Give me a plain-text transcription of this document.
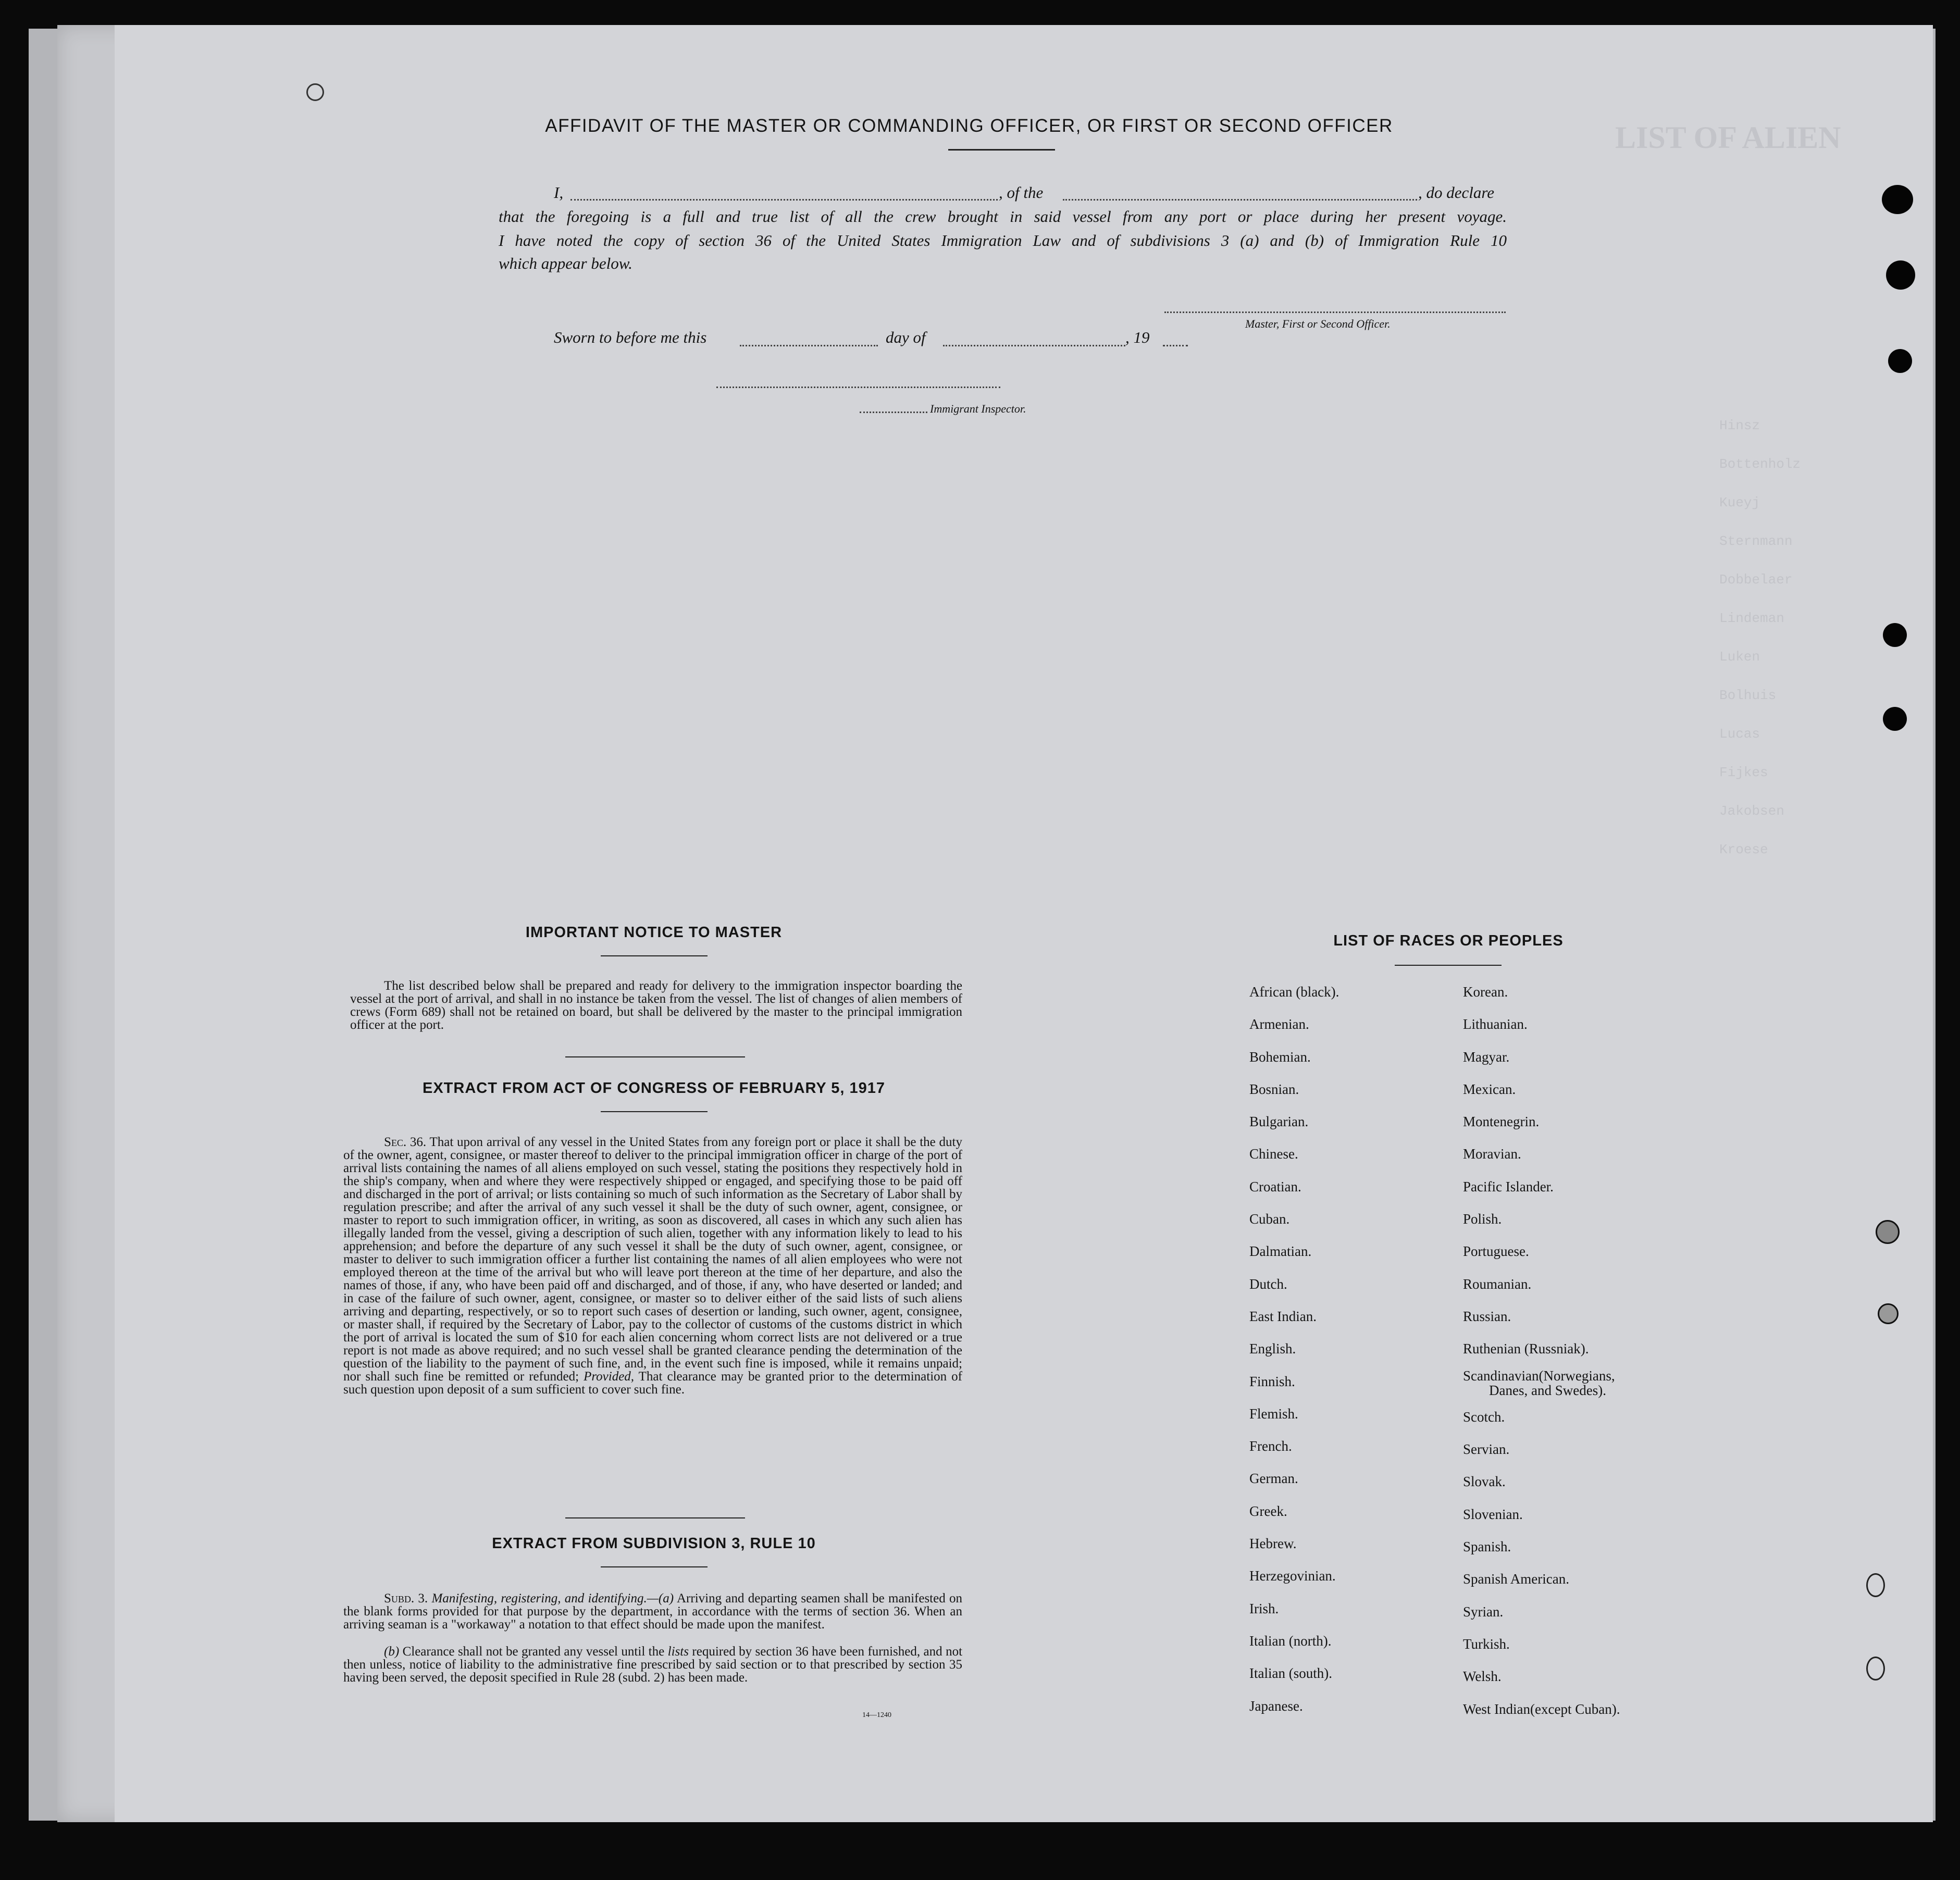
LIST OF ALIEN
Hinsz
Bottenholz
Kueyj
Sternmann
Dobbelaer
Lindeman
Luken
Bolhuis
Lucas
Fijkes
Jakobsen
Kroese
AFFIDAVIT OF THE MASTER OR COMMANDING OFFICER, OR FIRST OR SECOND OFFICER
I,	, of the	, do declare
that the foregoing is a full and true list of all the crew brought in said vessel from any port or place during her present voyage.
I have noted the copy of section 36 of the United States Immigration Law and of subdivisions 3 (a) and (b) of Immigration Rule 10
which appear below.
Master, First or Second Officer.
Sworn to before me this	day of	, 19
Immigrant Inspector.
IMPORTANT NOTICE TO MASTER
The list described below shall be prepared and ready for delivery to the immigration inspector boarding the vessel at the port of arrival, and shall in no instance be taken from the vessel. The list of changes of alien members of crews (Form 689) shall not be retained on board, but shall be delivered by the master to the principal immigration officer at the port.
EXTRACT FROM ACT OF CONGRESS OF FEBRUARY 5, 1917
Sec. 36. That upon arrival of any vessel in the United States from any foreign port or place it shall be the duty of the owner, agent, consignee, or master thereof to deliver to the principal immigration officer in charge of the port of arrival lists containing the names of all aliens employed on such vessel, stating the positions they respectively hold in the ship's company, when and where they were respectively shipped or engaged, and specifying those to be paid off and discharged in the port of arrival; or lists containing so much of such information as the Secretary of Labor shall by regulation prescribe; and after the arrival of any such vessel it shall be the duty of such owner, agent, consignee, or master to report to such immigration officer, in writing, as soon as discovered, all cases in which any such alien has illegally landed from the vessel, giving a description of such alien, together with any information likely to lead to his apprehension; and before the departure of any such vessel it shall be the duty of such owner, agent, consignee, or master to deliver to such immigration officer a further list containing the names of all alien employees who were not employed thereon at the time of the arrival but who will leave port thereon at the time of her departure, and also the names of those, if any, who have been paid off and discharged, and of those, if any, who have deserted or landed; and in case of the failure of such owner, agent, consignee, or master so to deliver either of the said lists of such aliens arriving and departing, respectively, or so to report such cases of desertion or landing, such owner, agent, consignee, or master shall, if required by the Secretary of Labor, pay to the collector of customs of the customs district in which the port of arrival is located the sum of $10 for each alien concerning whom correct lists are not delivered or a true report is not made as above required; and no such vessel shall be granted clearance pending the determination of the question of the liability to the payment of such fine, and, in the event such fine is imposed, while it remains unpaid; nor shall such fine be remitted or refunded; Provided, That clearance may be granted prior to the determination of such question upon deposit of a sum sufficient to cover such fine.
EXTRACT FROM SUBDIVISION 3, RULE 10
Subd. 3. Manifesting, registering, and identifying.—(a) Arriving and departing seamen shall be manifested on the blank forms provided for that purpose by the department, in accordance with the terms of section 36. When an arriving seaman is a "workaway" a notation to that effect should be made upon the manifest.
(b) Clearance shall not be granted any vessel until the lists required by section 36 have been furnished, and not then unless, notice of liability to the administrative fine prescribed by said section or to that prescribed by section 35 having been served, the deposit specified in Rule 28 (subd. 2) has been made.
14—1240
LIST OF RACES OR PEOPLES
African (black).
Armenian.
Bohemian.
Bosnian.
Bulgarian.
Chinese.
Croatian.
Cuban.
Dalmatian.
Dutch.
East Indian.
English.
Finnish.
Flemish.
French.
German.
Greek.
Hebrew.
Herzegovinian.
Irish.
Italian (north).
Italian (south).
Japanese.
Korean.
Lithuanian.
Magyar.
Mexican.
Montenegrin.
Moravian.
Pacific Islander.
Polish.
Portuguese.
Roumanian.
Russian.
Ruthenian (Russniak).
Scandinavian(Norwegians,
Danes, and Swedes).
Scotch.
Servian.
Slovak.
Slovenian.
Spanish.
Spanish American.
Syrian.
Turkish.
Welsh.
West Indian(except Cuban).
